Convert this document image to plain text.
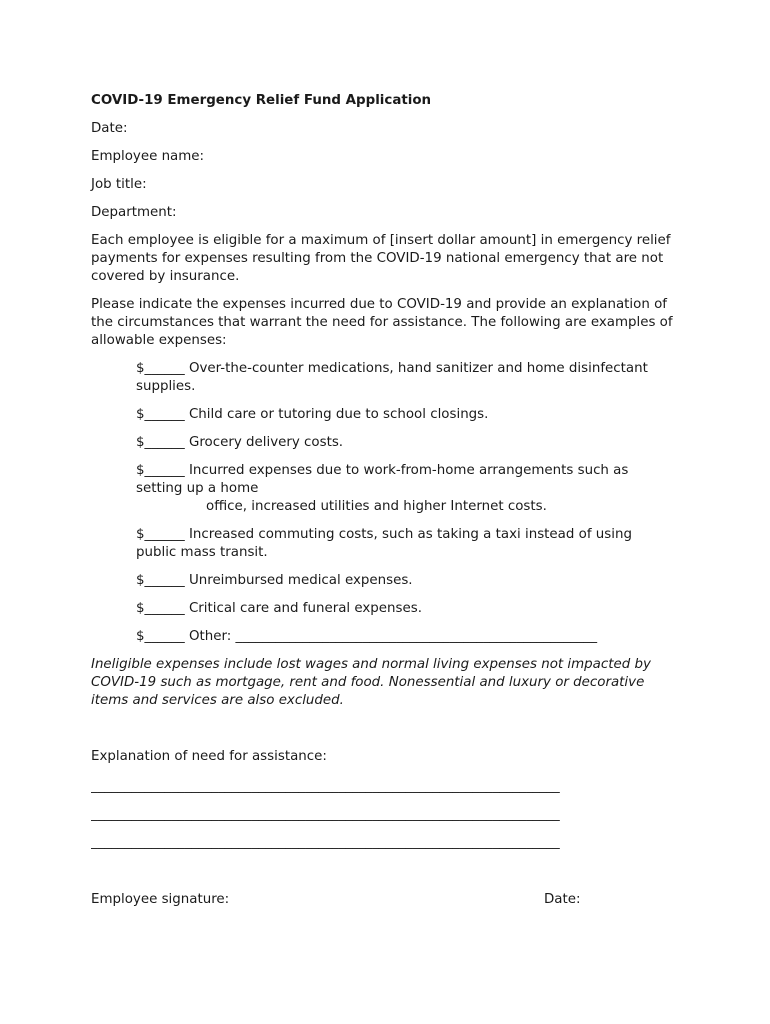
COVID-19 Emergency Relief Fund Application
Date:
Employee name:
Job title:
Department:
Each employee is eligible for a maximum of [insert dollar amount] in emergency relief payments for expenses resulting from the COVID-19 national emergency that are not covered by insurance.
Please indicate the expenses incurred due to COVID-19 and provide an explanation of the circumstances that warrant the need for assistance. The following are examples of allowable expenses:
$______ Over-the-counter medications, hand sanitizer and home disinfectant supplies.
$______ Child care or tutoring due to school closings.
$______ Grocery delivery costs.
$______ Incurred expenses due to work-from-home arrangements such as setting up a home
office, increased utilities and higher Internet costs.
$______ Increased commuting costs, such as taking a taxi instead of using public mass transit.
$______ Unreimbursed medical expenses.
$______ Critical care and funeral expenses.
$______ Other: ______________________________________________________
Ineligible expenses include lost wages and normal living expenses not impacted by COVID-19 such as mortgage, rent and food. Nonessential and luxury or decorative items and services are also excluded.
Explanation of need for assistance:
______________________________________________________________________
______________________________________________________________________
______________________________________________________________________
Employee signature:	Date:
